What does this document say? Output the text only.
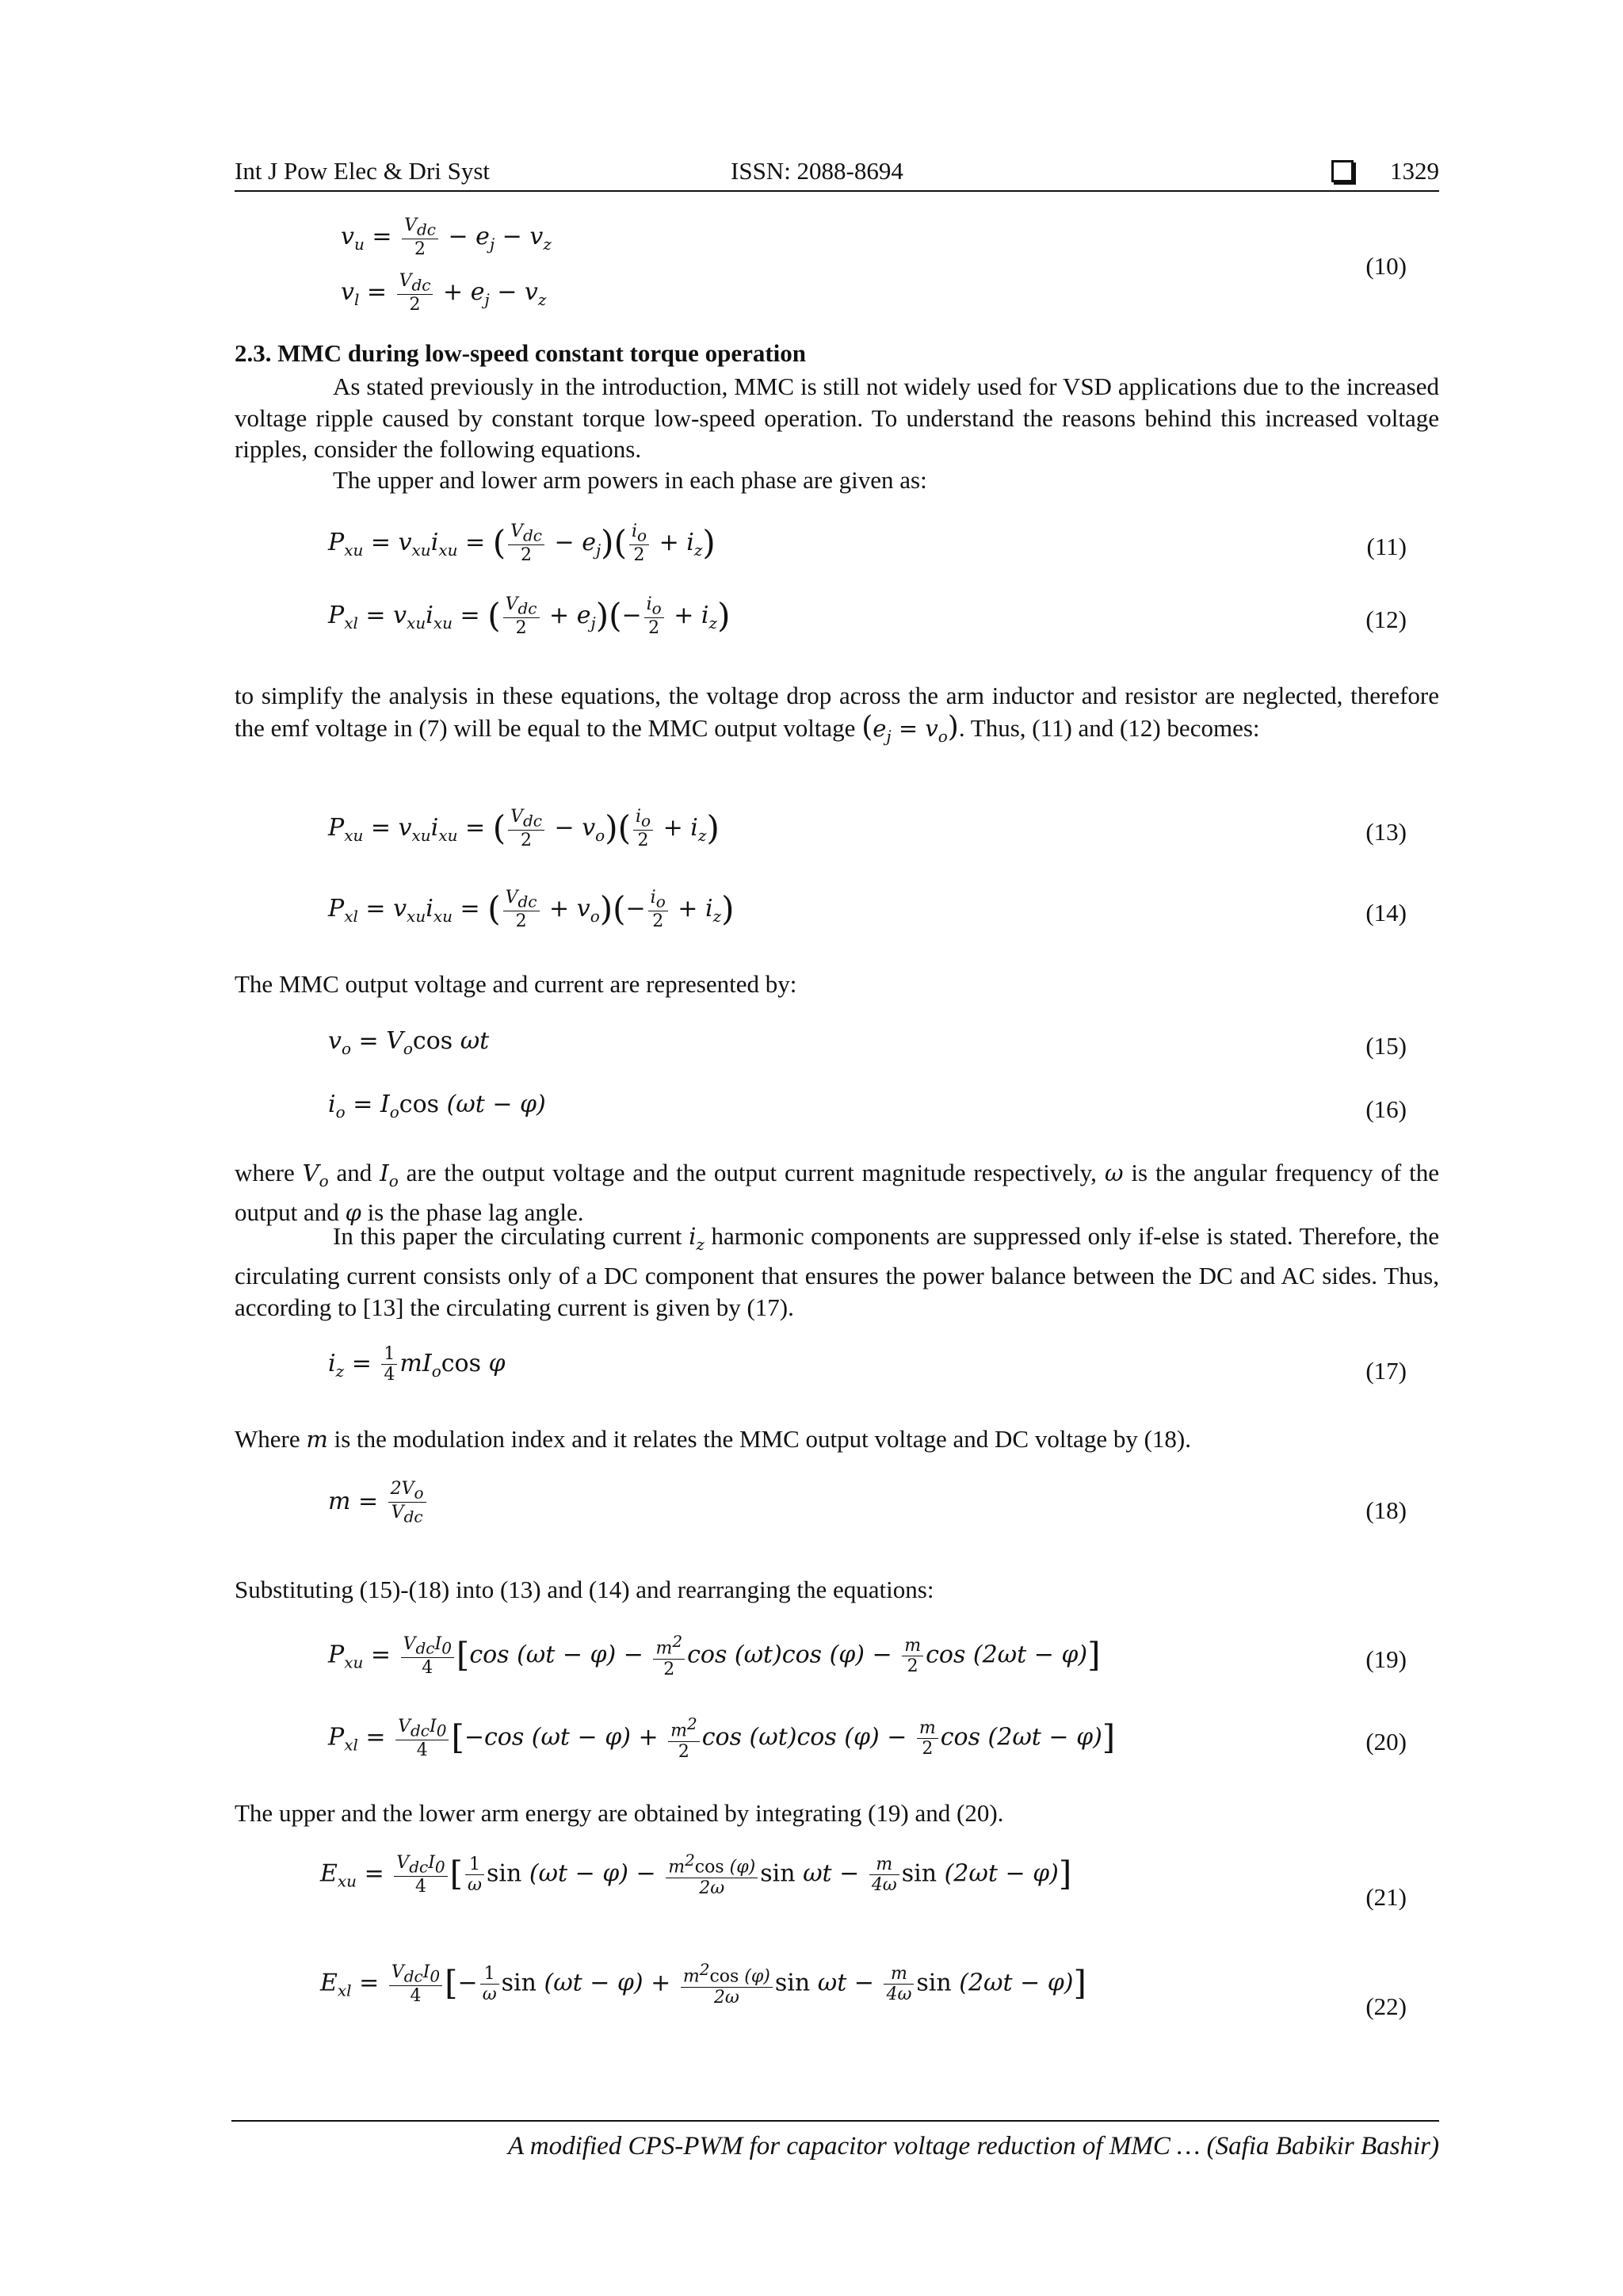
Int J Pow Elec & Dri Syst	ISSN: 2088-8694	1329
$v_u = \frac{V_{dc}}{2} - e_j - v_z$
$v_l = \frac{V_{dc}}{2} + e_j - v_z$
(10)
2.3. MMC during low-speed constant torque operation
As stated previously in the introduction, MMC is still not widely used for VSD applications due to the increased voltage ripple caused by constant torque low-speed operation. To understand the reasons behind this increased voltage ripples, consider the following equations.
The upper and lower arm powers in each phase are given as:
$P_{xu} = v_{xu}i_{xu}$ = ( $\frac{V_{dc}}{2} - e_j)( \frac{i_o}{2} + i_z)$	(11)
$P_{xl} = v_{xu}i_{xu}$ = ( $\frac{V_{dc}}{2} + e_j)(- \frac{i_o}{2} + i_z)$	(12)
to simplify the analysis in these equations, the voltage drop across the arm inductor and resistor are neglected, therefore the emf voltage in (7) will be equal to the MMC output voltage $(e_j = v_o)$. Thus, (11) and (12) becomes:
$P_{xu} = v_{xu}i_{xu}$ = ( $\frac{V_{dc}}{2} - v_o)( \frac{i_o}{2} + i_z)$	(13)
$P_{xl} = v_{xu}i_{xu}$ = ( $\frac{V_{dc}}{2} + v_o)(- \frac{i_o}{2} + i_z)$	(14)
The MMC output voltage and current are represented by:
$v_o = V_o\cos$ ωt	(15)
$i_o = I_o\cos$ (ωt − φ)	(16)
where $V_o$ and $I_o$ are the output voltage and the output current magnitude respectively, ω is the angular frequency of the output and φ is the phase lag angle.
In this paper the circulating current $i_z$ harmonic components are suppressed only if-else is stated. Therefore, the circulating current consists only of a DC component that ensures the power balance between the DC and AC sides. Thus, according to [13] the circulating current is given by (17).
$i_z = \frac{1}{4} mI_o\cos$ φ	(17)
Where m is the modulation index and it relates the MMC output voltage and DC voltage by (18).
$m = \frac{2V_o}{V_{dc}}$	(18)
Substituting (15)-(18) into (13) and (14) and rearranging the equations:
$P_{xu} = \frac{V_{dc}I_0}{4} [\cos$ $(\omega t - \varphi) - \frac{m^2}{2}$ cos (ωt)cos $(\varphi) - \frac{m}{2}$ cos (2ωt − φ)]	(19)
$P_{xl} = \frac{V_{dc}I_0}{4} [-\cos$ $(\omega t - \varphi) + \frac{m^2}{2}$ cos (ωt)cos $(\varphi) - \frac{m}{2}$ cos (2ωt − φ)]	(20)
The upper and the lower arm energy are obtained by integrating (19) and (20).
$E_{xu} = \frac{V_{dc}I_0}{4}$ [ $\frac{1}{\omega}$ $\sin (\omega t - \varphi) - \frac{m^2\cos (\varphi)}{2\omega}$ $\sin \omega t - \frac{m}{4\omega}$ sin (2ωt − φ)]
(21)
$E_{xl} = \frac{V_{dc}I_0}{4}$ [− $\frac{1}{\omega}$ $\sin (\omega t - \varphi) + \frac{m^2\cos (\varphi)}{2\omega}$ $\sin \omega t - \frac{m}{4\omega}$ sin (2ωt − φ)]
(22)
A modified CPS-PWM for capacitor voltage reduction of MMC … (Safia Babikir Bashir)
